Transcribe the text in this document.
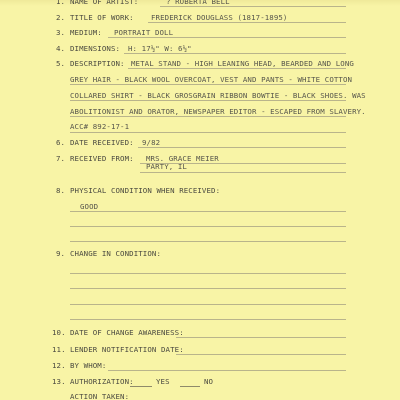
1. NAME OF ARTIST:	? ROBERTA BELL
2. TITLE OF WORK: FREDERICK DOUGLASS (1817-1895)
3. MEDIUM: PORTRAIT DOLL
4. DIMENSIONS: H: 17½" W: 6½"
5. DESCRIPTION: METAL STAND - HIGH LEANING HEAD, BEARDED AND LONG
GREY HAIR - BLACK WOOL OVERCOAT, VEST AND PANTS - WHITE COTTON
COLLARED SHIRT - BLACK GROSGRAIN RIBBON BOWTIE - BLACK SHOES. WAS
ABOLITIONIST AND ORATOR, NEWSPAPER EDITOR - ESCAPED FROM SLAVERY.
ACC# 892-17-1
6. DATE RECEIVED: 9/82
7. RECEIVED FROM: MRS. GRACE MEIER
PARTY, IL
8. PHYSICAL CONDITION WHEN RECEIVED:
GOOD
9. CHANGE IN CONDITION:
10. DATE OF CHANGE AWARENESS:
11. LENDER NOTIFICATION DATE:
12. BY WHOM:
13. AUTHORIZATION:	YES	NO
ACTION TAKEN:
